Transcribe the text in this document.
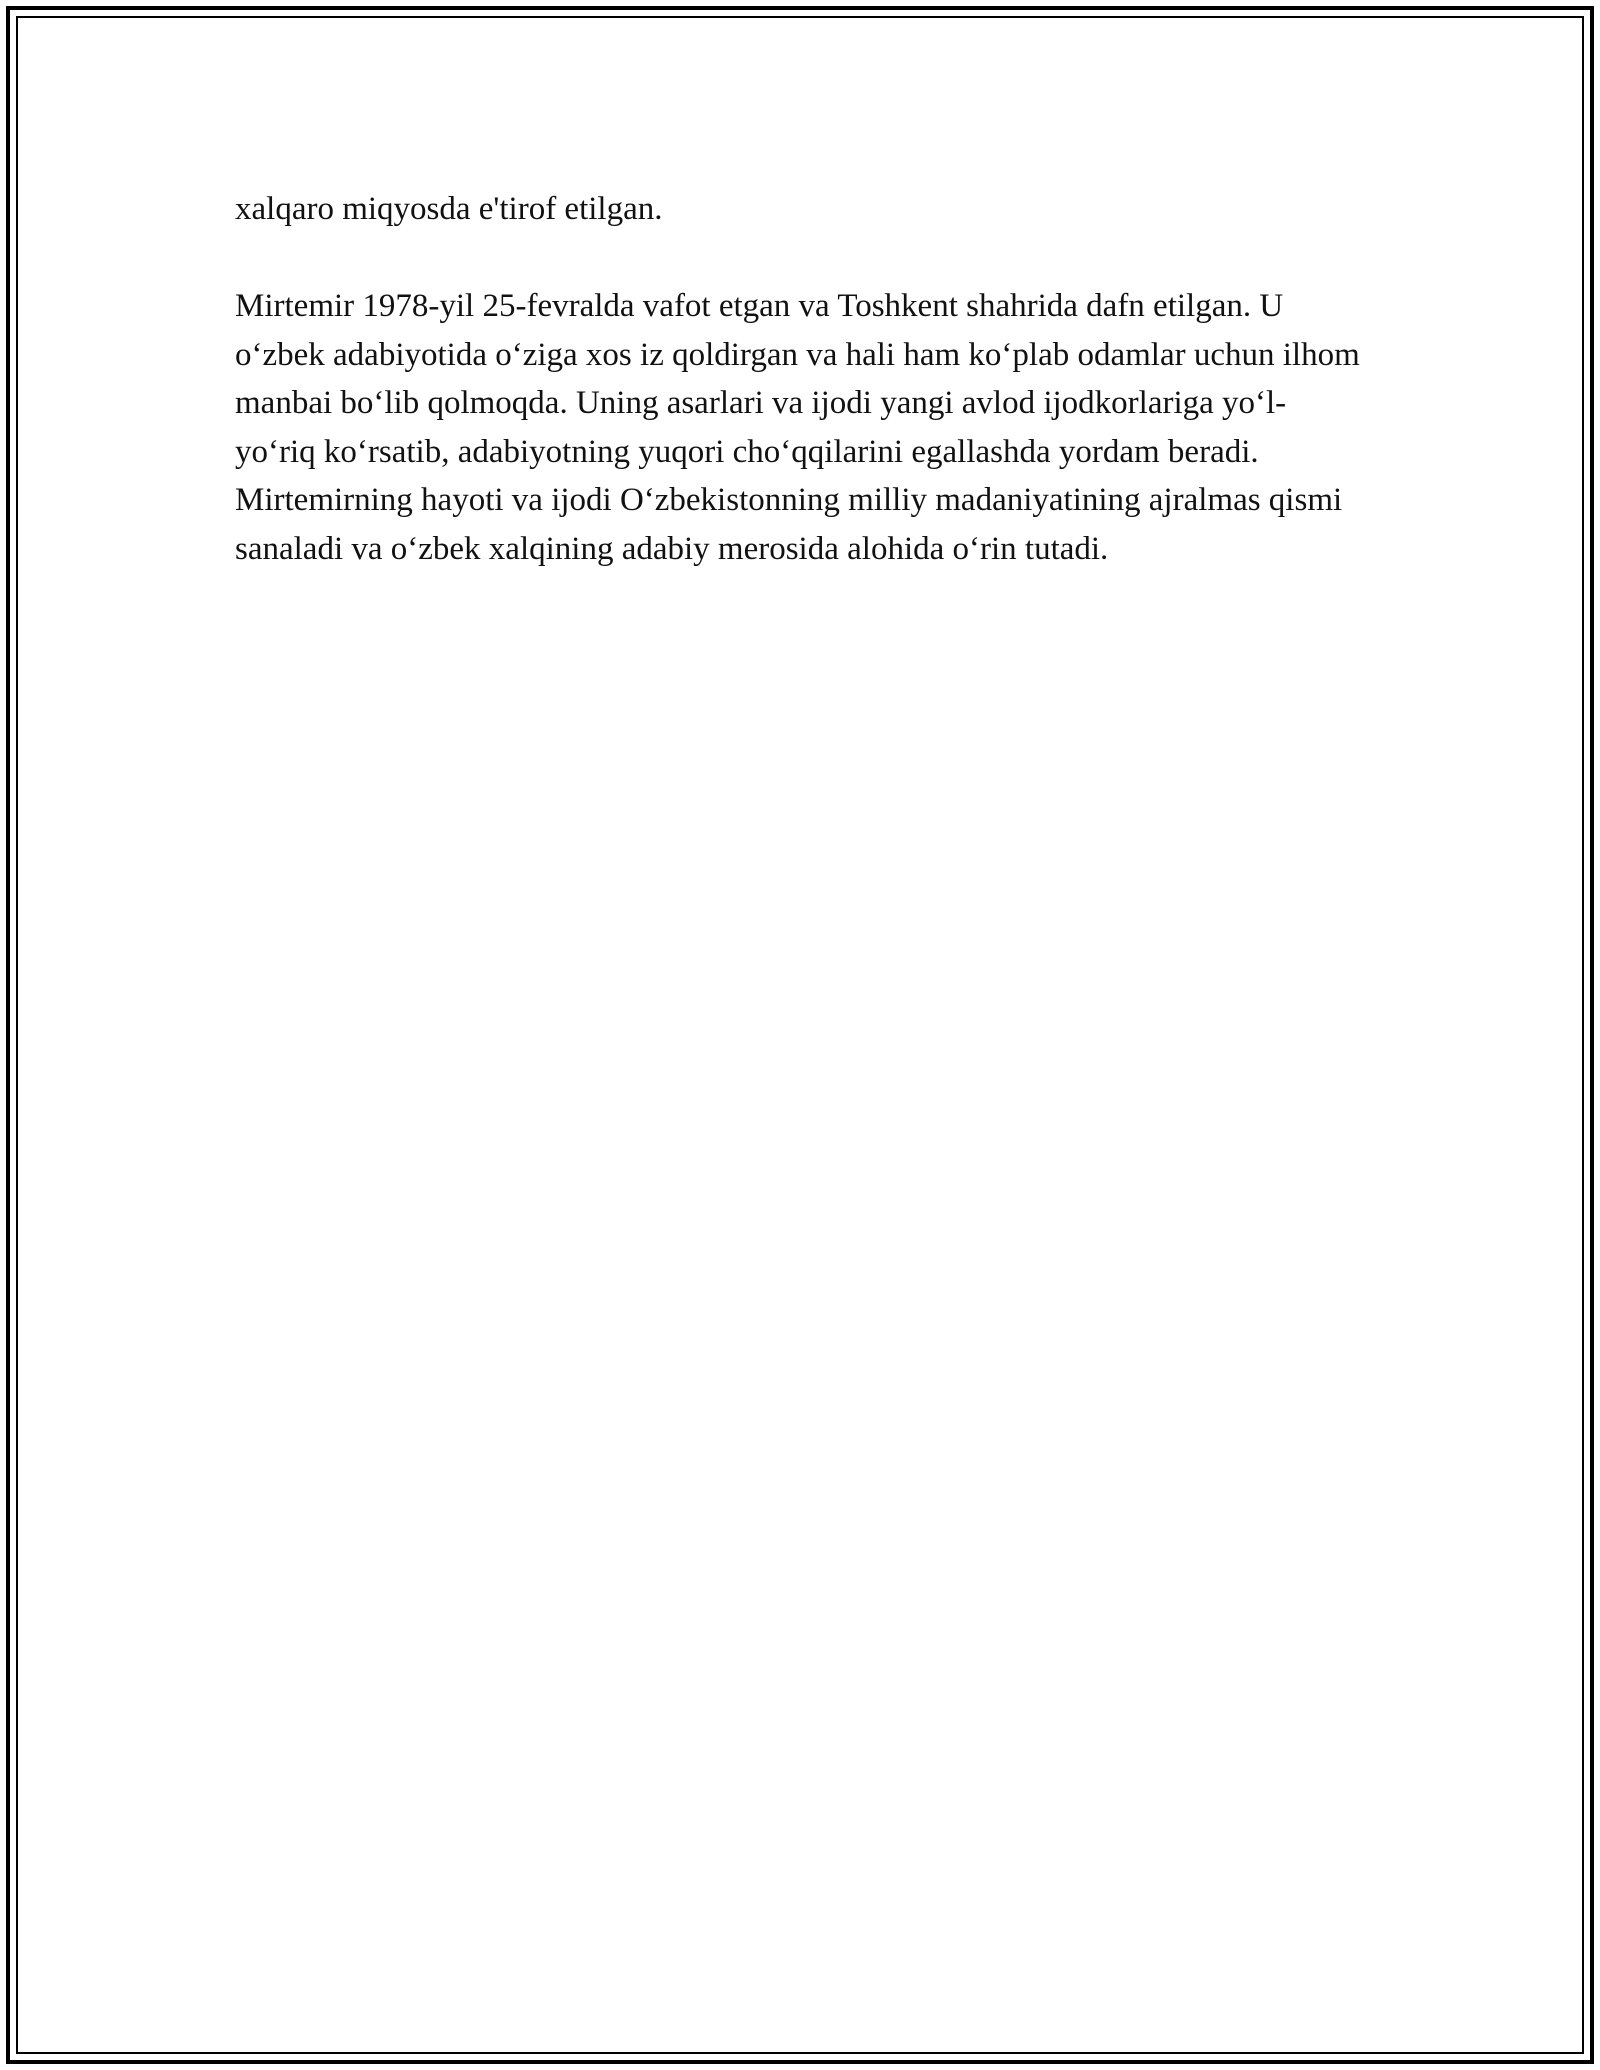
xalqaro miqyosda e'tirof etilgan.

Mirtemir 1978-yil 25-fevralda vafot etgan va Toshkent shahrida dafn etilgan. U o‘zbek adabiyotida o‘ziga xos iz qoldirgan va hali ham ko‘plab odamlar uchun ilhom manbai bo‘lib qolmoqda. Uning asarlari va ijodi yangi avlod ijodkorlariga yo‘l-yo‘riq ko‘rsatib, adabiyotning yuqori cho‘qqilarini egallashda yordam beradi. Mirtemirning hayoti va ijodi O‘zbekistonning milliy madaniyatining ajralmas qismi sanaladi va o‘zbek xalqining adabiy merosida alohida o‘rin tutadi.
